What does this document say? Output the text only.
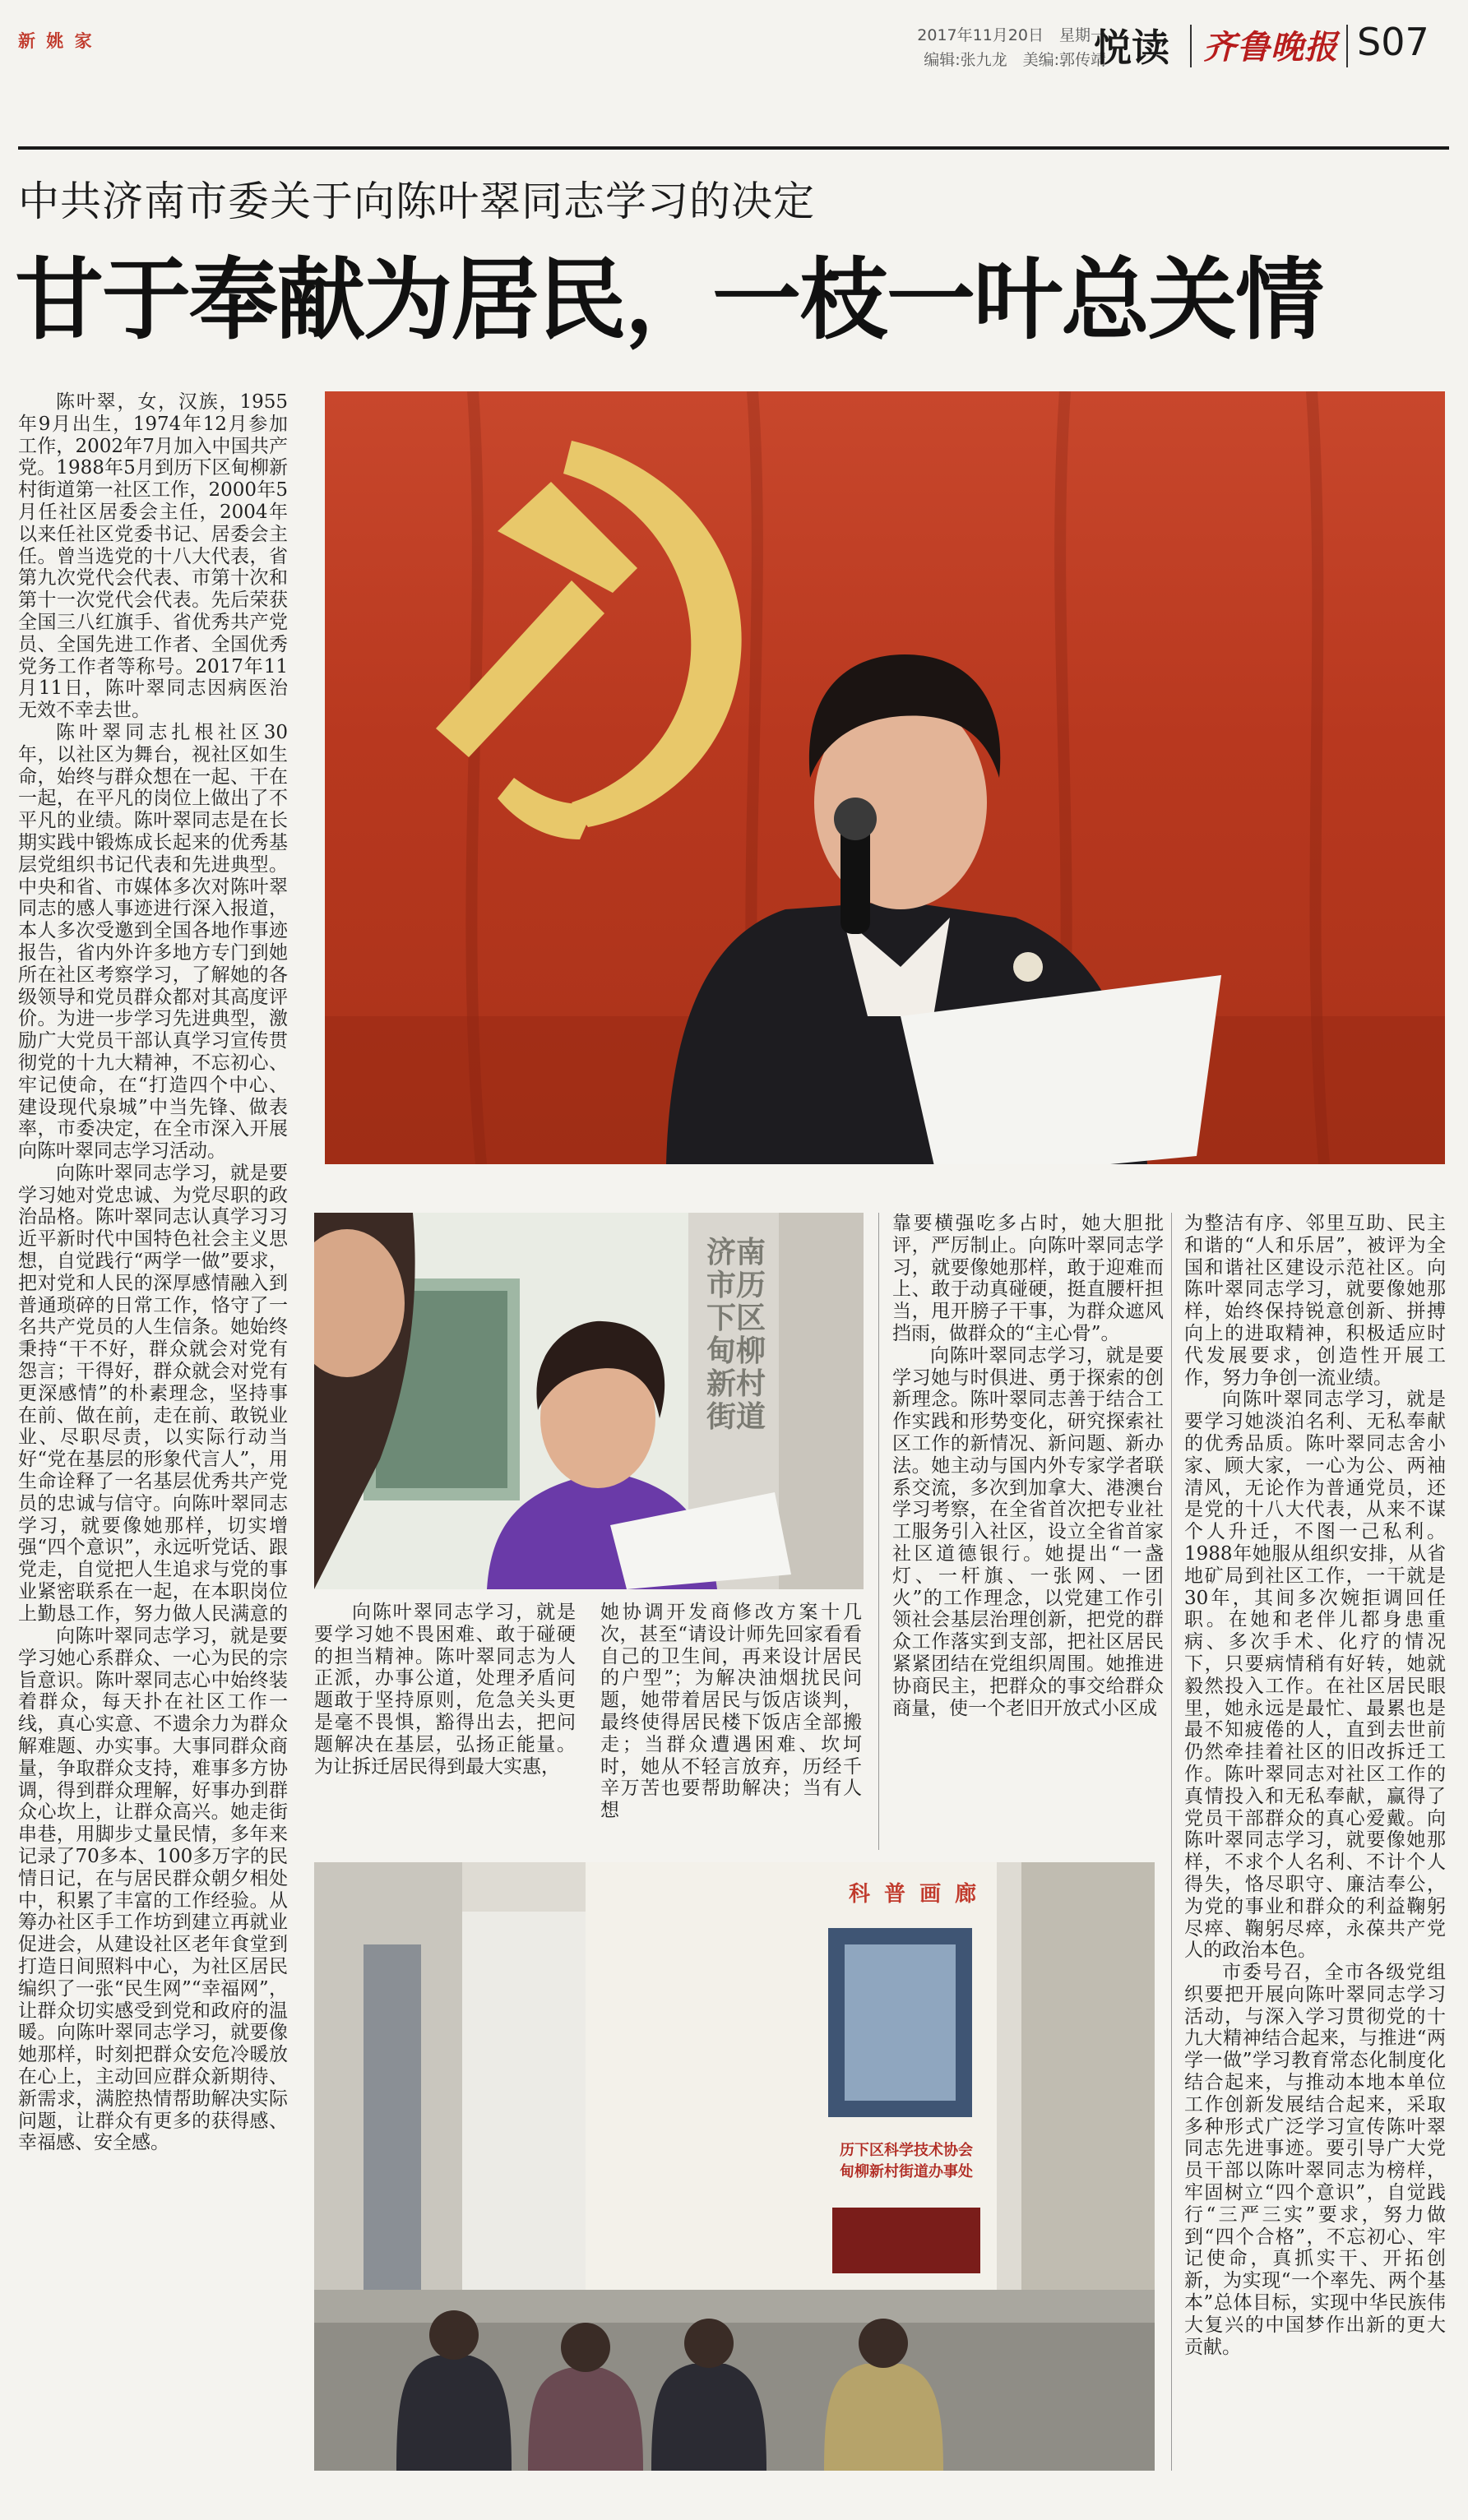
新 姚 家	2017年11月20日　星期一
编辑:张九龙　美编:郭传靖
悦读 齐鲁晚报 S07
中共济南市委关于向陈叶翠同志学习的决定
甘于奉献为居民，一枝一叶总关情
济南市历下区甸柳新村街道
科 普 画 廊
历下区科学技术协会
甸柳新村街道办事处

陈叶翠，女，汉族，1955年9月出生，1974年12月参加工作，2002年7月加入中国共产党。1988年5月到历下区甸柳新村街道第一社区工作，2000年5月任社区居委会主任，2004年以来任社区党委书记、居委会主任。曾当选党的十八大代表，省第九次党代会代表、市第十次和第十一次党代会代表。先后荣获全国三八红旗手、省优秀共产党员、全国先进工作者、全国优秀党务工作者等称号。2017年11月11日，陈叶翠同志因病医治无效不幸去世。

陈叶翠同志扎根社区30年，以社区为舞台，视社区如生命，始终与群众想在一起、干在一起，在平凡的岗位上做出了不平凡的业绩。陈叶翠同志是在长期实践中锻炼成长起来的优秀基层党组织书记代表和先进典型。中央和省、市媒体多次对陈叶翠同志的感人事迹进行深入报道，本人多次受邀到全国各地作事迹报告，省内外许多地方专门到她所在社区考察学习，了解她的各级领导和党员群众都对其高度评价。为进一步学习先进典型，激励广大党员干部认真学习宣传贯彻党的十九大精神，不忘初心、牢记使命，在“打造四个中心、建设现代泉城”中当先锋、做表率，市委决定，在全市深入开展向陈叶翠同志学习活动。

向陈叶翠同志学习，就是要学习她对党忠诚、为党尽职的政治品格。陈叶翠同志认真学习习近平新时代中国特色社会主义思想，自觉践行“两学一做”要求，把对党和人民的深厚感情融入到普通琐碎的日常工作，恪守了一名共产党员的人生信条。她始终秉持“干不好，群众就会对党有怨言；干得好，群众就会对党有更深感情”的朴素理念，坚持事在前、做在前，走在前、敢锐业业、尽职尽责，以实际行动当好“党在基层的形象代言人”，用生命诠释了一名基层优秀共产党员的忠诚与信守。向陈叶翠同志学习，就要像她那样，切实增强“四个意识”，永远听党话、跟党走，自觉把人生追求与党的事业紧密联系在一起，在本职岗位上勤恳工作，努力做人民满意的

向陈叶翠同志学习，就是要学习她心系群众、一心为民的宗旨意识。陈叶翠同志心中始终装着群众，每天扑在社区工作一线，真心实意、不遗余力为群众解难题、办实事。大事同群众商量，争取群众支持，难事多方协调，得到群众理解，好事办到群众心坎上，让群众高兴。她走街串巷，用脚步丈量民情，多年来记录了70多本、100多万字的民情日记，在与居民群众朝夕相处中，积累了丰富的工作经验。从筹办社区手工作坊到建立再就业促进会，从建设社区老年食堂到打造日间照料中心，为社区居民编织了一张“民生网”“幸福网”，让群众切实感受到党和政府的温暖。向陈叶翠同志学习，就要像她那样，时刻把群众安危冷暖放在心上，主动回应群众新期待、新需求，满腔热情帮助解决实际问题，让群众有更多的获得感、幸福感、安全感。

向陈叶翠同志学习，就是要学习她不畏困难、敢于碰硬的担当精神。陈叶翠同志为人正派，办事公道，处理矛盾问题敢于坚持原则，危急关头更是毫不畏惧，豁得出去，把问题解决在基层，弘扬正能量。为让拆迁居民得到最大实惠，

她协调开发商修改方案十几次，甚至“请设计师先回家看看自己的卫生间，再来设计居民的户型”；为解决油烟扰民问题，她带着居民与饭店谈判，最终使得居民楼下饭店全部搬走；当群众遭遇困难、坎坷时，她从不轻言放弃，历经千辛万苦也要帮助解决；当有人想

靠要横强吃多占时，她大胆批评，严厉制止。向陈叶翠同志学习，就要像她那样，敢于迎难而上、敢于动真碰硬，挺直腰杆担当，甩开膀子干事，为群众遮风挡雨，做群众的“主心骨”。

向陈叶翠同志学习，就是要学习她与时俱进、勇于探索的创新理念。陈叶翠同志善于结合工作实践和形势变化，研究探索社区工作的新情况、新问题、新办法。她主动与国内外专家学者联系交流，多次到加拿大、港澳台学习考察，在全省首次把专业社工服务引入社区，设立全省首家社区道德银行。她提出“一盏灯、一杆旗、一张网、一团火”的工作理念，以党建工作引领社会基层治理创新，把党的群众工作落实到支部，把社区居民紧紧团结在党组织周围。她推进协商民主，把群众的事交给群众商量，使一个老旧开放式小区成

为整洁有序、邻里互助、民主和谐的“人和乐居”，被评为全国和谐社区建设示范社区。向陈叶翠同志学习，就要像她那样，始终保持锐意创新、拼搏向上的进取精神，积极适应时代发展要求，创造性开展工作，努力争创一流业绩。

向陈叶翠同志学习，就是要学习她淡泊名利、无私奉献的优秀品质。陈叶翠同志舍小家、顾大家，一心为公、两袖清风，无论作为普通党员，还是党的十八大代表，从来不谋个人升迁，不图一己私利。1988年她服从组织安排，从省地矿局到社区工作，一干就是30年，其间多次婉拒调回任职。在她和老伴儿都身患重病、多次手术、化疗的情况下，只要病情稍有好转，她就毅然投入工作。在社区居民眼里，她永远是最忙、最累也是最不知疲倦的人，直到去世前仍然牵挂着社区的旧改拆迁工作。陈叶翠同志对社区工作的真情投入和无私奉献，赢得了党员干部群众的真心爱戴。向陈叶翠同志学习，就要像她那样，不求个人名利、不计个人得失，恪尽职守、廉洁奉公，为党的事业和群众的利益鞠躬尽瘁、鞠躬尽瘁，永葆共产党人的政治本色。

市委号召，全市各级党组织要把开展向陈叶翠同志学习活动，与深入学习贯彻党的十九大精神结合起来，与推进“两学一做”学习教育常态化制度化结合起来，与推动本地本单位工作创新发展结合起来，采取多种形式广泛学习宣传陈叶翠同志先进事迹。要引导广大党员干部以陈叶翠同志为榜样，牢固树立“四个意识”，自觉践行“三严三实”要求，努力做到“四个合格”，不忘初心、牢记使命，真抓实干、开拓创新，为实现“一个率先、两个基本”总体目标，实现中华民族伟大复兴的中国梦作出新的更大贡献。
